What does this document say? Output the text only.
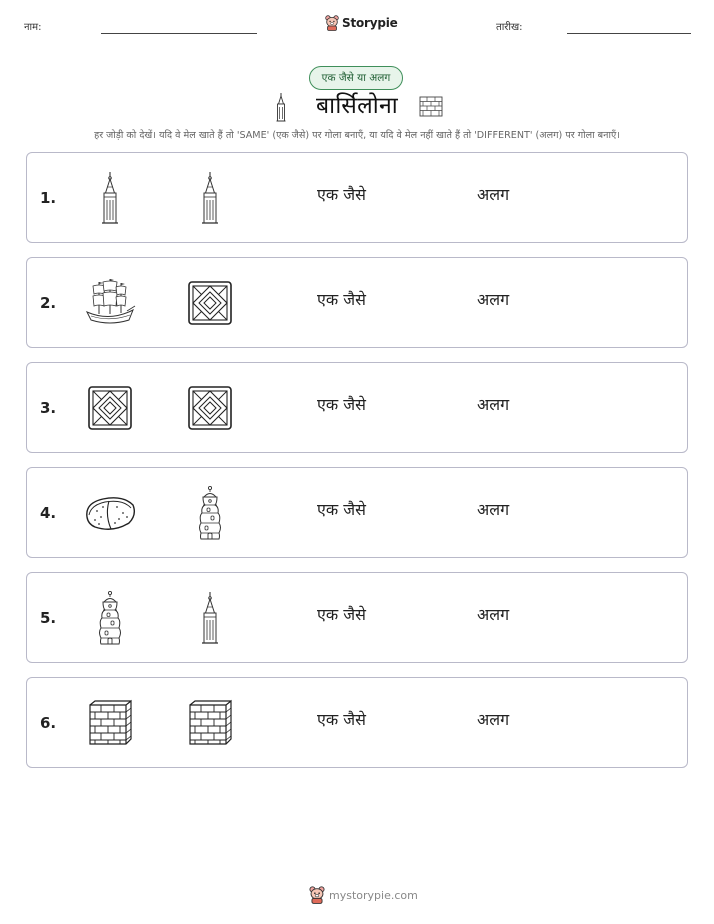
नाम:	Storypie	तारीख:
एक जैसे या अलग
बार्सिलोना
हर जोड़ी को देखें। यदि वे मेल खाते हैं तो 'SAME' (एक जैसे) पर गोला बनाएँ, या यदि वे मेल नहीं खाते हैं तो 'DIFFERENT' (अलग) पर गोला बनाएँ।
1.	एक जैसे	अलग
2.	एक जैसे	अलग
3.	एक जैसे	अलग
4.	एक जैसे	अलग
5.	एक जैसे	अलग
6.	एक जैसे	अलग
mystorypie.com
